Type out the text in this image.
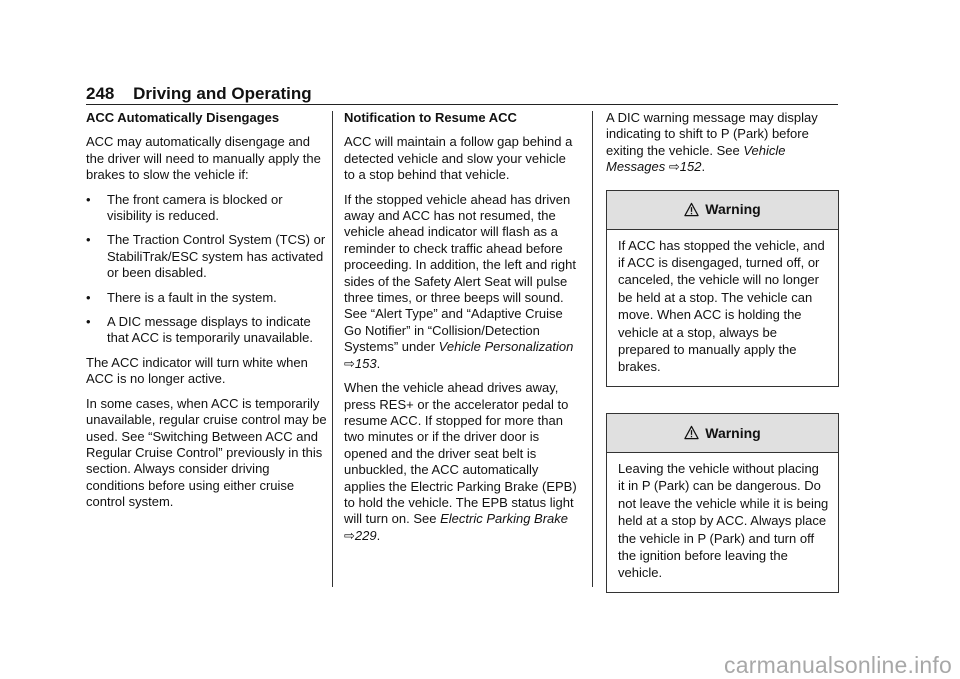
248 Driving and Operating
ACC Automatically Disengages

ACC may automatically disengage and the driver will need to manually apply the brakes to slow the vehicle if:

• The front camera is blocked or visibility is reduced.
• The Traction Control System (TCS) or StabiliTrak/ESC system has activated or been disabled.
• There is a fault in the system.
• A DIC message displays to indicate that ACC is temporarily unavailable.

The ACC indicator will turn white when ACC is no longer active.

In some cases, when ACC is temporarily unavailable, regular cruise control may be used. See “Switching Between ACC and Regular Cruise Control” previously in this section. Always consider driving conditions before using either cruise control system.

Notification to Resume ACC

ACC will maintain a follow gap behind a detected vehicle and slow your vehicle to a stop behind that vehicle.

If the stopped vehicle ahead has driven away and ACC has not resumed, the vehicle ahead indicator will flash as a reminder to check traffic ahead before proceeding. In addition, the left and right sides of the Safety Alert Seat will pulse three times, or three beeps will sound. See “Alert Type” and “Adaptive Cruise Go Notifier” in “Collision/Detection Systems” under Vehicle Personalization ⇨153.

When the vehicle ahead drives away, press RES+ or the accelerator pedal to resume ACC. If stopped for more than two minutes or if the driver door is opened and the driver seat belt is unbuckled, the ACC automatically applies the Electric Parking Brake (EPB) to hold the vehicle. The EPB status light will turn on. See Electric Parking Brake ⇨229.

A DIC warning message may display indicating to shift to P (Park) before exiting the vehicle. See Vehicle Messages ⇨152.

Warning
If ACC has stopped the vehicle, and if ACC is disengaged, turned off, or canceled, the vehicle will no longer be held at a stop. The vehicle can move. When ACC is holding the vehicle at a stop, always be prepared to manually apply the brakes.
Warning
Leaving the vehicle without placing it in P (Park) can be dangerous. Do not leave the vehicle while it is being held at a stop by ACC. Always place the vehicle in P (Park) and turn off the ignition before leaving the vehicle.
carmanualsonline.info
